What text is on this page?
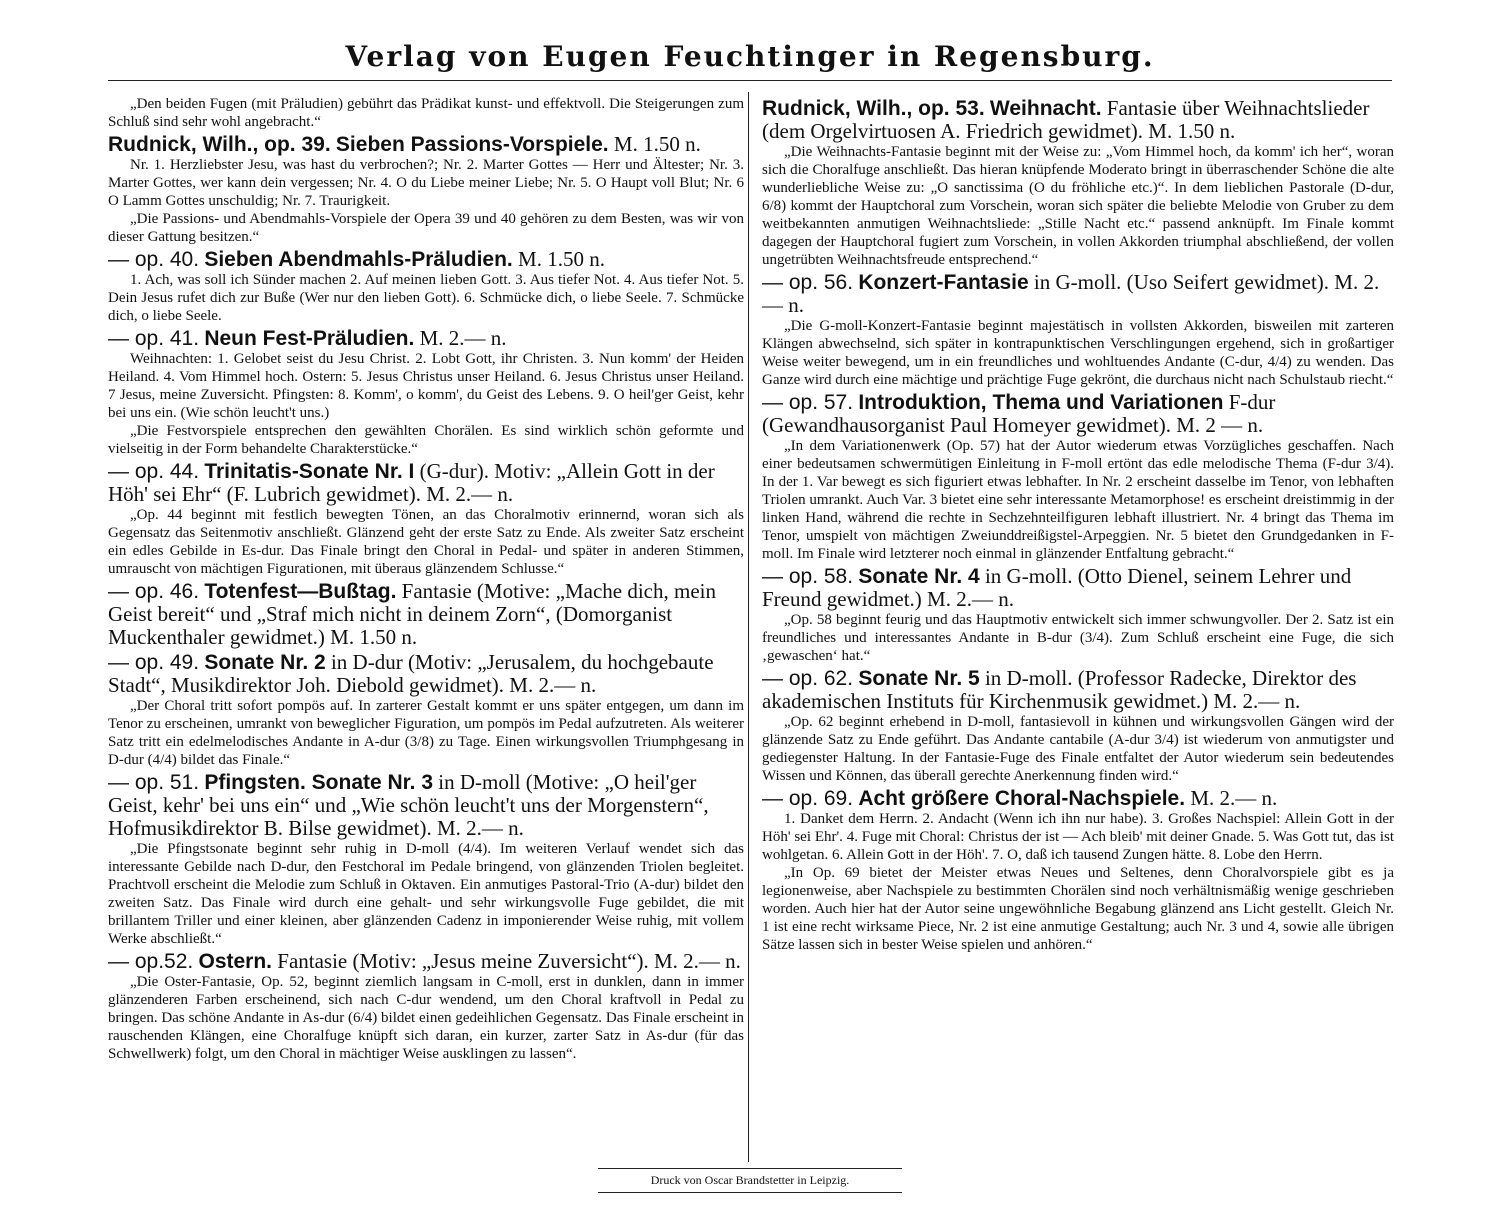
Verlag von Eugen Feuchtinger in Regensburg.

„Den beiden Fugen (mit Präludien) gebührt das Prädikat kunst- und effektvoll. Die Steigerungen zum Schluß sind sehr wohl angebracht.“

Rudnick, Wilh., op. 39. Sieben Passions-Vorspiele. M. 1.50 n.

Nr. 1. Herzliebster Jesu, was hast du verbrochen?; Nr. 2. Marter Gottes — Herr und Ältester; Nr. 3. Marter Gottes, wer kann dein vergessen; Nr. 4. O du Liebe meiner Liebe; Nr. 5. O Haupt voll Blut; Nr. 6 O Lamm Gottes unschuldig; Nr. 7. Traurigkeit.

„Die Passions- und Abendmahls-Vorspiele der Opera 39 und 40 gehören zu dem Besten, was wir von dieser Gattung besitzen.“

— op. 40. Sieben Abendmahls-Präludien. M. 1.50 n.

1. Ach, was soll ich Sünder machen 2. Auf meinen lieben Gott. 3. Aus tiefer Not. 4. Aus tiefer Not. 5. Dein Jesus rufet dich zur Buße (Wer nur den lieben Gott). 6. Schmücke dich, o liebe Seele. 7. Schmücke dich, o liebe Seele.

— op. 41. Neun Fest-Präludien. M. 2.— n.

Weihnachten: 1. Gelobet seist du Jesu Christ. 2. Lobt Gott, ihr Christen. 3. Nun komm' der Heiden Heiland. 4. Vom Himmel hoch. Ostern: 5. Jesus Christus unser Heiland. 6. Jesus Christus unser Heiland. 7 Jesus, meine Zuversicht. Pfingsten: 8. Komm', o komm', du Geist des Lebens. 9. O heil'ger Geist, kehr bei uns ein. (Wie schön leucht't uns.)

„Die Festvorspiele entsprechen den gewählten Chorälen. Es sind wirklich schön geformte und vielseitig in der Form behandelte Charakterstücke.“

— op. 44. Trinitatis-Sonate Nr. I (G-dur). Motiv: „Allein Gott in der Höh' sei Ehr“ (F. Lubrich gewidmet). M. 2.— n.

„Op. 44 beginnt mit festlich bewegten Tönen, an das Choralmotiv erinnernd, woran sich als Gegensatz das Seitenmotiv anschließt. Glänzend geht der erste Satz zu Ende. Als zweiter Satz erscheint ein edles Gebilde in Es-dur. Das Finale bringt den Choral in Pedal- und später in anderen Stimmen, umrauscht von mächtigen Figurationen, mit überaus glänzendem Schlusse.“

— op. 46. Totenfest—Bußtag. Fantasie (Motive: „Mache dich, mein Geist bereit“ und „Straf mich nicht in deinem Zorn“, (Domorganist Muckenthaler gewidmet.) M. 1.50 n.

— op. 49. Sonate Nr. 2 in D-dur (Motiv: „Jerusalem, du hochgebaute Stadt“, Musikdirektor Joh. Diebold gewidmet). M. 2.— n.

„Der Choral tritt sofort pompös auf. In zarterer Gestalt kommt er uns später entgegen, um dann im Tenor zu erscheinen, umrankt von beweglicher Figuration, um pompös im Pedal aufzutreten. Als weiterer Satz tritt ein edelmelodisches Andante in A-dur (3/8) zu Tage. Einen wirkungsvollen Triumphgesang in D-dur (4/4) bildet das Finale.“

— op. 51. Pfingsten. Sonate Nr. 3 in D-moll (Motive: „O heil'ger Geist, kehr' bei uns ein“ und „Wie schön leucht't uns der Morgenstern“, Hofmusikdirektor B. Bilse gewidmet). M. 2.— n.

„Die Pfingstsonate beginnt sehr ruhig in D-moll (4/4). Im weiteren Verlauf wendet sich das interessante Gebilde nach D-dur, den Festchoral im Pedale bringend, von glänzenden Triolen begleitet. Prachtvoll erscheint die Melodie zum Schluß in Oktaven. Ein anmutiges Pastoral-Trio (A-dur) bildet den zweiten Satz. Das Finale wird durch eine gehalt- und sehr wirkungsvolle Fuge gebildet, die mit brillantem Triller und einer kleinen, aber glänzenden Cadenz in imponierender Weise ruhig, mit vollem Werke abschließt.“

— op.52. Ostern. Fantasie (Motiv: „Jesus meine Zuversicht“). M. 2.— n.

„Die Oster-Fantasie, Op. 52, beginnt ziemlich langsam in C-moll, erst in dunklen, dann in immer glänzenderen Farben erscheinend, sich nach C-dur wendend, um den Choral kraftvoll in Pedal zu bringen. Das schöne Andante in As-dur (6/4) bildet einen gedeihlichen Gegensatz. Das Finale erscheint in rauschenden Klängen, eine Choralfuge knüpft sich daran, ein kurzer, zarter Satz in As-dur (für das Schwellwerk) folgt, um den Choral in mächtiger Weise ausklingen zu lassen“.

Rudnick, Wilh., op. 53. Weihnacht. Fantasie über Weihnachtslieder (dem Orgelvirtuosen A. Friedrich gewidmet). M. 1.50 n.

„Die Weihnachts-Fantasie beginnt mit der Weise zu: „Vom Himmel hoch, da komm' ich her“, woran sich die Choralfuge anschließt. Das hieran knüpfende Moderato bringt in überraschender Schöne die alte wunderliebliche Weise zu: „O sanctissima (O du fröhliche etc.)“. In dem lieblichen Pastorale (D-dur, 6/8) kommt der Hauptchoral zum Vorschein, woran sich später die beliebte Melodie von Gruber zu dem weitbekannten anmutigen Weihnachtsliede: „Stille Nacht etc.“ passend anknüpft. Im Finale kommt dagegen der Hauptchoral fugiert zum Vorschein, in vollen Akkorden triumphal abschließend, der vollen ungetrübten Weihnachtsfreude entsprechend.“

— op. 56. Konzert-Fantasie in G-moll. (Uso Seifert gewidmet). M. 2.— n.

„Die G-moll-Konzert-Fantasie beginnt majestätisch in vollsten Akkorden, bisweilen mit zarteren Klängen abwechselnd, sich später in kontrapunktischen Verschlingungen ergehend, sich in großartiger Weise weiter bewegend, um in ein freundliches und wohltuendes Andante (C-dur, 4/4) zu wenden. Das Ganze wird durch eine mächtige und prächtige Fuge gekrönt, die durchaus nicht nach Schulstaub riecht.“

— op. 57. Introduktion, Thema und Variationen F-dur (Gewandhausorganist Paul Homeyer gewidmet). M. 2 — n.

„In dem Variationenwerk (Op. 57) hat der Autor wiederum etwas Vorzügliches geschaffen. Nach einer bedeutsamen schwermütigen Einleitung in F-moll ertönt das edle melodische Thema (F-dur 3/4). In der 1. Var bewegt es sich figuriert etwas lebhafter. In Nr. 2 erscheint dasselbe im Tenor, von lebhaften Triolen umrankt. Auch Var. 3 bietet eine sehr interessante Metamorphose! es erscheint dreistimmig in der linken Hand, während die rechte in Sechzehnteilfiguren lebhaft illustriert. Nr. 4 bringt das Thema im Tenor, umspielt von mächtigen Zweiunddreißigstel-Arpeggien. Nr. 5 bietet den Grundgedanken in F-moll. Im Finale wird letzterer noch einmal in glänzender Entfaltung gebracht.“

— op. 58. Sonate Nr. 4 in G-moll. (Otto Dienel, seinem Lehrer und Freund gewidmet.) M. 2.— n.

„Op. 58 beginnt feurig und das Hauptmotiv entwickelt sich immer schwungvoller. Der 2. Satz ist ein freundliches und interessantes Andante in B-dur (3/4). Zum Schluß erscheint eine Fuge, die sich ‚gewaschen‘ hat.“

— op. 62. Sonate Nr. 5 in D-moll. (Professor Radecke, Direktor des akademischen Instituts für Kirchenmusik gewidmet.) M. 2.— n.

„Op. 62 beginnt erhebend in D-moll, fantasievoll in kühnen und wirkungsvollen Gängen wird der glänzende Satz zu Ende geführt. Das Andante cantabile (A-dur 3/4) ist wiederum von anmutigster und gediegenster Haltung. In der Fantasie-Fuge des Finale entfaltet der Autor wiederum sein bedeutendes Wissen und Können, das überall gerechte Anerkennung finden wird.“

— op. 69. Acht größere Choral-Nachspiele. M. 2.— n.

1. Danket dem Herrn. 2. Andacht (Wenn ich ihn nur habe). 3. Großes Nachspiel: Allein Gott in der Höh' sei Ehr'. 4. Fuge mit Choral: Christus der ist — Ach bleib' mit deiner Gnade. 5. Was Gott tut, das ist wohlgetan. 6. Allein Gott in der Höh'. 7. O, daß ich tausend Zungen hätte. 8. Lobe den Herrn.

„In Op. 69 bietet der Meister etwas Neues und Seltenes, denn Choralvorspiele gibt es ja legionenweise, aber Nachspiele zu bestimmten Chorälen sind noch verhältnismäßig wenige geschrieben worden. Auch hier hat der Autor seine ungewöhnliche Begabung glänzend ans Licht gestellt. Gleich Nr. 1 ist eine recht wirksame Piece, Nr. 2 ist eine anmutige Gestaltung; auch Nr. 3 und 4, sowie alle übrigen Sätze lassen sich in bester Weise spielen und anhören.“

Druck von Oscar Brandstetter in Leipzig.
